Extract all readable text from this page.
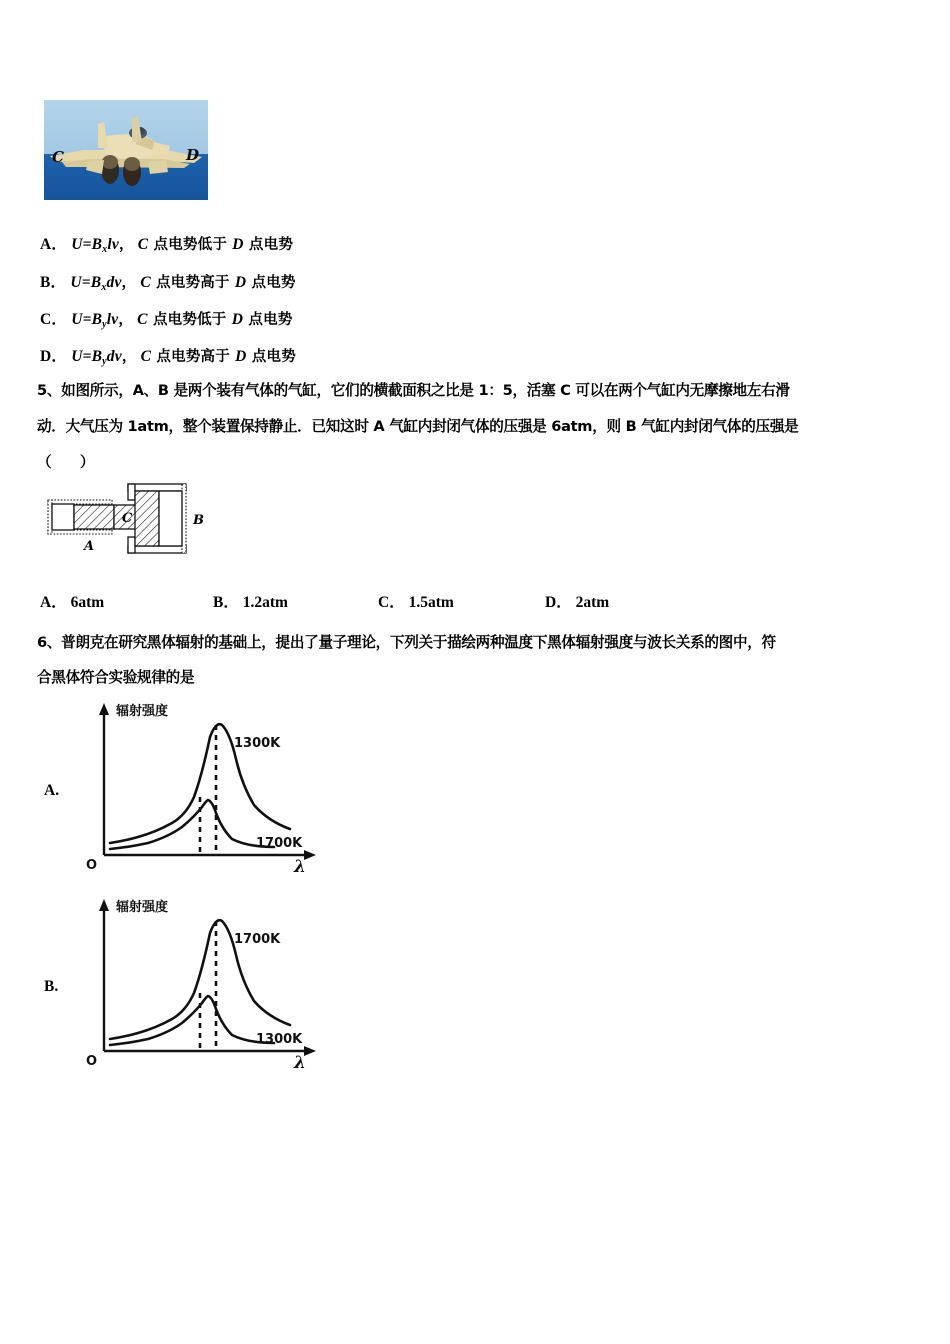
C	D
A． $U=B_xlv$， C 点电势低于 D 点电势
B． $U=B_xdv$， C 点电势高于 D 点电势
C． $U=B_ylv$， C 点电势低于 D 点电势
D． $U=B_ydv$， C 点电势高于 D 点电势
5、如图所示，A、B 是两个装有气体的气缸，它们的横截面积之比是 1：5，活塞 C 可以在两个气缸内无摩擦地左右滑
动．大气压为 1atm，整个装置保持静止．已知这时 A 气缸内封闭气体的压强是 6atm，则 B 气缸内封闭气体的压强是
（　　）
A
C	B
A． 6atm	B． 1.2atm	C． 1.5atm	D． 2atm
6、普朗克在研究黑体辐射的基础上，提出了量子理论，下列关于描绘两种温度下黑体辐射强度与波长关系的图中，符
合黑体符合实验规律的是
A.
O
辐射强度
λ
1300K
1700K
B.
O
辐射强度
λ
1700K
1300K
